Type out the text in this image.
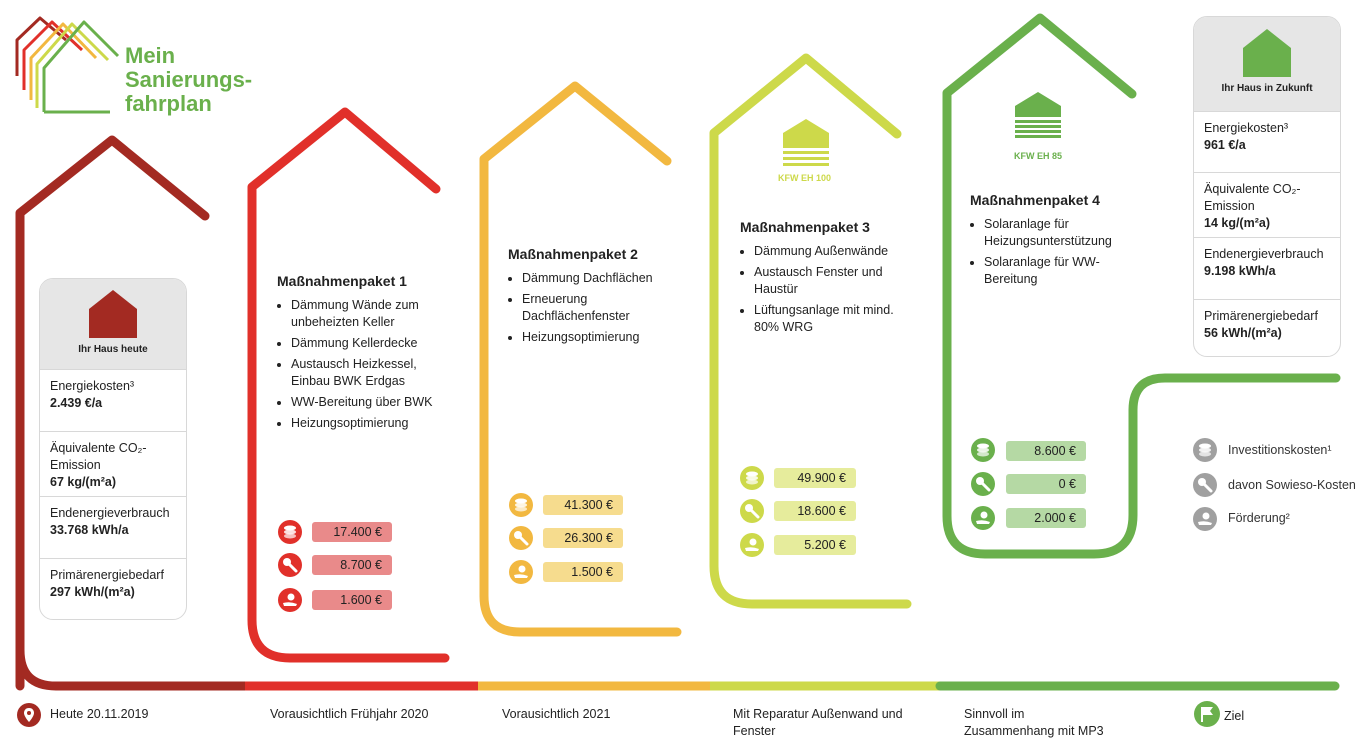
Mein
Sanierungs-
fahrplan
Ihr Haus heute
Energiekosten³
2.439 €/a
Äquivalente CO₂-Emission
67 kg/(m²a)
Endenergieverbrauch
33.768 kWh/a
Primärenergiebedarf
297 kWh/(m²a)
Ihr Haus in Zukunft
Energiekosten³
961 €/a
Äquivalente CO₂-Emission
14 kg/(m²a)
Endenergieverbrauch
9.198 kWh/a
Primärenergiebedarf
56 kWh/(m²a)
KFW EH 100
KFW EH 85
Maßnahmenpaket 1
• Dämmung Wände zum unbeheizten Keller
• Dämmung Kellerdecke
• Austausch Heizkessel, Einbau BWK Erdgas
• WW-Bereitung über BWK
• Heizungsoptimierung
Maßnahmenpaket 2
• Dämmung Dachflächen
• Erneuerung Dachflächenfenster
• Heizungsoptimierung
Maßnahmenpaket 3
• Dämmung Außenwände
• Austausch Fenster und Haustür
• Lüftungsanlage mit mind. 80% WRG
Maßnahmenpaket 4
• Solaranlage für Heizungsunterstützung
• Solaranlage für WW-Bereitung
17.400 €
8.700 €
1.600 €
41.300 €
26.300 €
1.500 €
49.900 €
18.600 €
5.200 €
8.600 €
0 €
2.000 €
Investitionskosten¹
davon Sowieso-Kosten
Förderung²
Heute 20.11.2019	Vorausichtlich Frühjahr 2020	Vorausichtlich 2021	Mit Reparatur Außenwand und Fenster
Sinnvoll im Zusammenhang mit MP3
Ziel
